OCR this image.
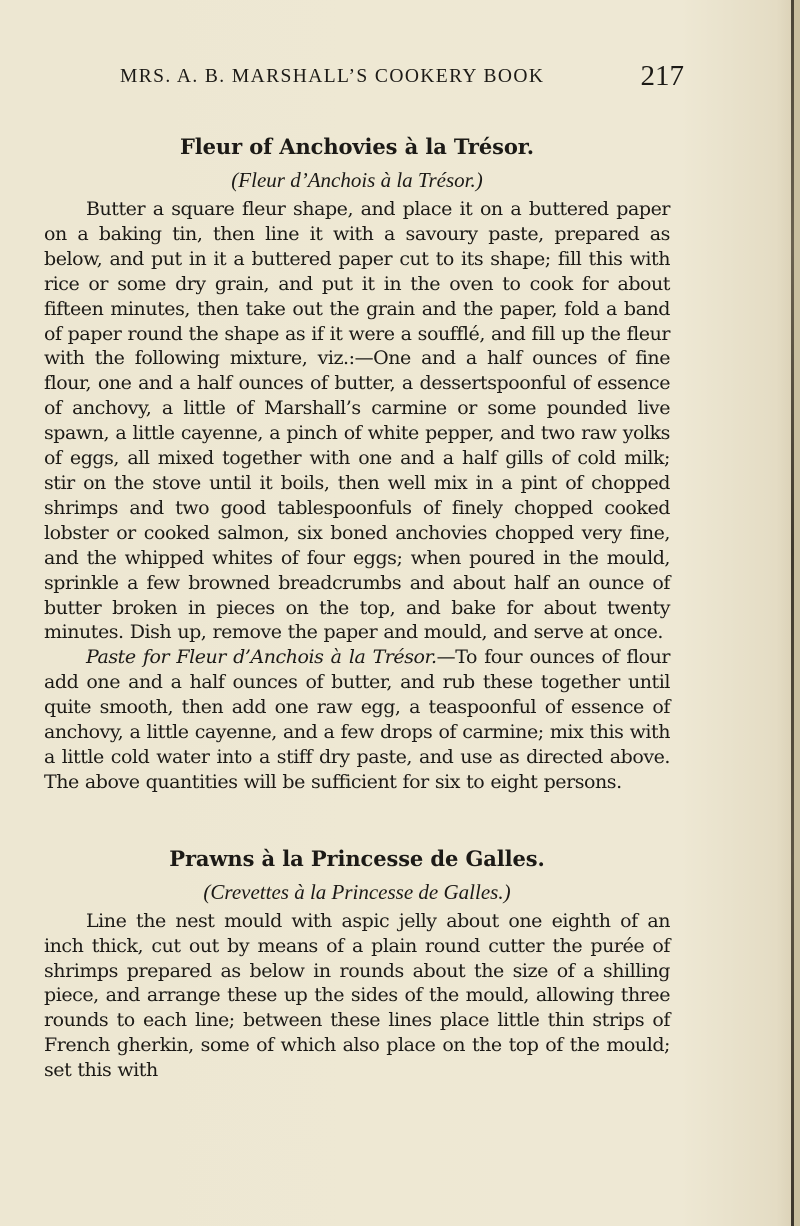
MRS. A. B. MARSHALL’S COOKERY BOOK	217
Fleur of Anchovies à la Trésor.
(Fleur d’Anchois à la Trésor.)

Butter a square fleur shape, and place it on a buttered paper on a baking tin, then line it with a savoury paste, prepared as below, and put in it a buttered paper cut to its shape; fill this with rice or some dry grain, and put it in the oven to cook for about fifteen minutes, then take out the grain and the paper, fold a band of paper round the shape as if it were a soufflé, and fill up the fleur with the following mixture, viz.:—One and a half ounces of fine flour, one and a half ounces of butter, a dessertspoonful of essence of anchovy, a little of Marshall’s carmine or some pounded live spawn, a little cayenne, a pinch of white pepper, and two raw yolks of eggs, all mixed together with one and a half gills of cold milk; stir on the stove until it boils, then well mix in a pint of chopped shrimps and two good tablespoonfuls of finely chopped cooked lobster or cooked salmon, six boned anchovies chopped very fine, and the whipped whites of four eggs; when poured in the mould, sprinkle a few browned breadcrumbs and about half an ounce of butter broken in pieces on the top, and bake for about twenty minutes. Dish up, remove the paper and mould, and serve at once.

Paste for Fleur d’Anchois à la Trésor.—To four ounces of flour add one and a half ounces of butter, and rub these together until quite smooth, then add one raw egg, a teaspoonful of essence of anchovy, a little cayenne, and a few drops of carmine; mix this with a little cold water into a stiff dry paste, and use as directed above. The above quantities will be sufficient for six to eight persons.

Prawns à la Princesse de Galles.
(Crevettes à la Princesse de Galles.)

Line the nest mould with aspic jelly about one eighth of an inch thick, cut out by means of a plain round cutter the purée of shrimps prepared as below in rounds about the size of a shilling piece, and arrange these up the sides of the mould, allowing three rounds to each line; between these lines place little thin strips of French gherkin, some of which also place on the top of the mould; set this with
